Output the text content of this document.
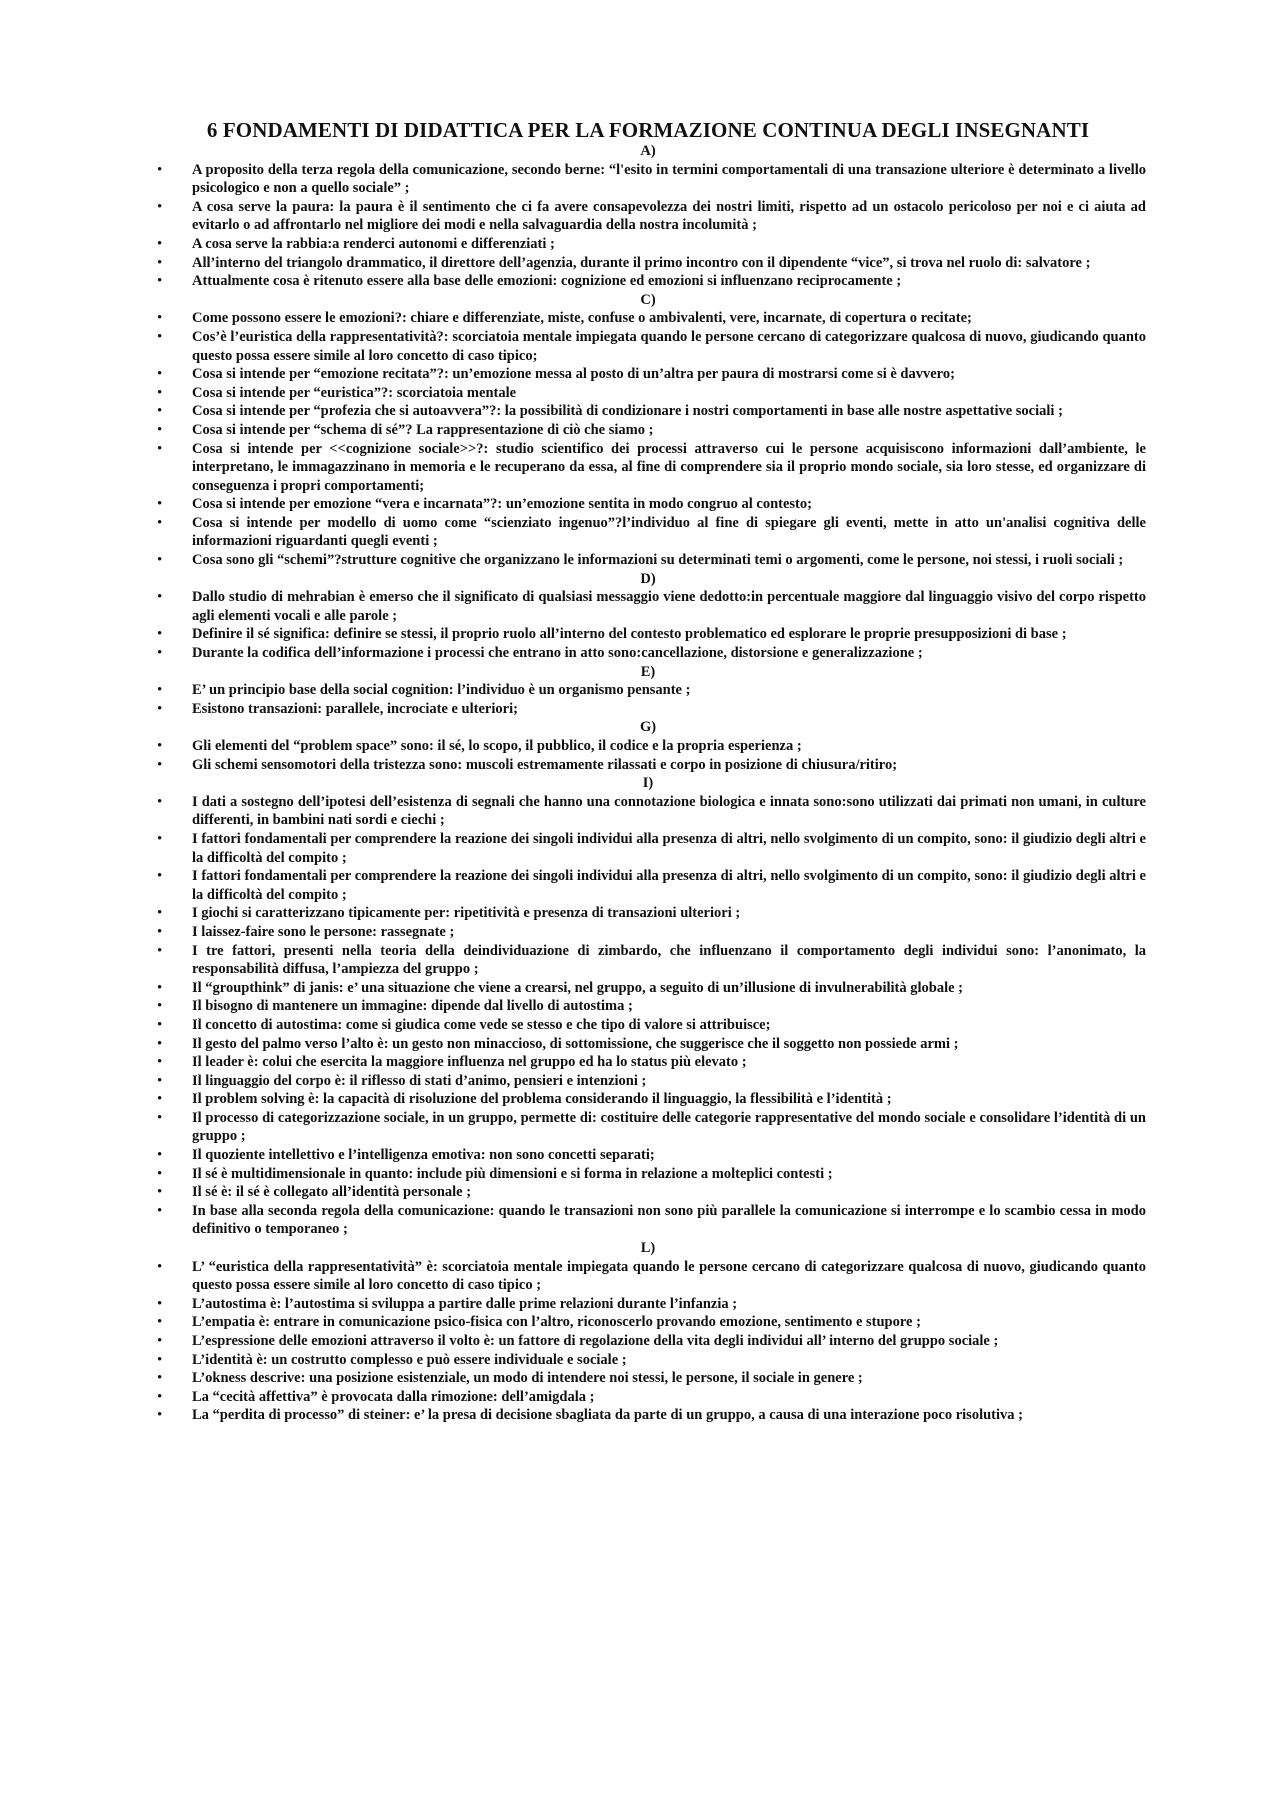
6 FONDAMENTI DI DIDATTICA PER LA FORMAZIONE CONTINUA DEGLI INSEGNANTI
A)
• A proposito della terza regola della comunicazione, secondo berne: “l'esito in termini comportamentali di una transazione ulteriore è determinato a livello psicologico e non a quello sociale” ;
• A cosa serve la paura: la paura è il sentimento che ci fa avere consapevolezza dei nostri limiti, rispetto ad un ostacolo pericoloso per noi e ci aiuta ad evitarlo o ad affrontarlo nel migliore dei modi e nella salvaguardia della nostra incolumità ;
• A cosa serve la rabbia:a renderci autonomi e differenziati ;
• All’interno del triangolo drammatico, il direttore dell’agenzia, durante il primo incontro con il dipendente “vice”, si trova nel ruolo di: salvatore ;
• Attualmente cosa è ritenuto essere alla base delle emozioni: cognizione ed emozioni si influenzano reciprocamente ;
C)
• Come possono essere le emozioni?: chiare e differenziate, miste, confuse o ambivalenti, vere, incarnate, di copertura o recitate;
• Cos’è l’euristica della rappresentatività?: scorciatoia mentale impiegata quando le persone cercano di categorizzare qualcosa di nuovo, giudicando quanto questo possa essere simile al loro concetto di caso tipico;
• Cosa si intende per “emozione recitata”?: un’emozione messa al posto di un’altra per paura di mostrarsi come si è davvero;
• Cosa si intende per “euristica”?: scorciatoia mentale
• Cosa si intende per “profezia che si autoavvera”?: la possibilità di condizionare i nostri comportamenti in base alle nostre aspettative sociali ;
• Cosa si intende per “schema di sé”? La rappresentazione di ciò che siamo ;
• Cosa si intende per <<cognizione sociale>>?: studio scientifico dei processi attraverso cui le persone acquisiscono informazioni dall’ambiente, le interpretano, le immagazzinano in memoria e le recuperano da essa, al fine di comprendere sia il proprio mondo sociale, sia loro stesse, ed organizzare di conseguenza i propri comportamenti;
• Cosa si intende per emozione “vera e incarnata”?: un’emozione sentita in modo congruo al contesto;
• Cosa si intende per modello di uomo come “scienziato ingenuo”?l’individuo al fine di spiegare gli eventi, mette in atto un'analisi cognitiva delle informazioni riguardanti quegli eventi ;
• Cosa sono gli “schemi”?strutture cognitive che organizzano le informazioni su determinati temi o argomenti, come le persone, noi stessi, i ruoli sociali ;
D)
• Dallo studio di mehrabian è emerso che il significato di qualsiasi messaggio viene dedotto:in percentuale maggiore dal linguaggio visivo del corpo rispetto agli elementi vocali e alle parole ;
• Definire il sé significa: definire se stessi, il proprio ruolo all’interno del contesto problematico ed esplorare le proprie presupposizioni di base ;
• Durante la codifica dell’informazione i processi che entrano in atto sono:cancellazione, distorsione e generalizzazione ;
E)
• E’ un principio base della social cognition: l’individuo è un organismo pensante ;
• Esistono transazioni: parallele, incrociate e ulteriori;
G)
• Gli elementi del “problem space” sono: il sé, lo scopo, il pubblico, il codice e la propria esperienza ;
• Gli schemi sensomotori della tristezza sono: muscoli estremamente rilassati e corpo in posizione di chiusura/ritiro;
I)
• I dati a sostegno dell’ipotesi dell’esistenza di segnali che hanno una connotazione biologica e innata sono:sono utilizzati dai primati non umani, in culture differenti, in bambini nati sordi e ciechi ;
• I fattori fondamentali per comprendere la reazione dei singoli individui alla presenza di altri, nello svolgimento di un compito, sono: il giudizio degli altri e la difficoltà del compito ;
• I fattori fondamentali per comprendere la reazione dei singoli individui alla presenza di altri, nello svolgimento di un compito, sono: il giudizio degli altri e la difficoltà del compito ;
• I giochi si caratterizzano tipicamente per: ripetitività e presenza di transazioni ulteriori ;
• I laissez-faire sono le persone: rassegnate ;
• I tre fattori, presenti nella teoria della deindividuazione di zimbardo, che influenzano il comportamento degli individui sono: l’anonimato, la responsabilità diffusa, l’ampiezza del gruppo ;
• Il “groupthink” di janis: e’ una situazione che viene a crearsi, nel gruppo, a seguito di un’illusione di invulnerabilità globale ;
• Il bisogno di mantenere un immagine: dipende dal livello di autostima ;
• Il concetto di autostima: come si giudica come vede se stesso e che tipo di valore si attribuisce;
• Il gesto del palmo verso l’alto è: un gesto non minaccioso, di sottomissione, che suggerisce che il soggetto non possiede armi ;
• Il leader è: colui che esercita la maggiore influenza nel gruppo ed ha lo status più elevato ;
• Il linguaggio del corpo è: il riflesso di stati d’animo, pensieri e intenzioni ;
• Il problem solving è: la capacità di risoluzione del problema considerando il linguaggio, la flessibilità e l’identità ;
• Il processo di categorizzazione sociale, in un gruppo, permette di: costituire delle categorie rappresentative del mondo sociale e consolidare l’identità di un gruppo ;
• Il quoziente intellettivo e l’intelligenza emotiva: non sono concetti separati;
• Il sé è multidimensionale in quanto: include più dimensioni e si forma in relazione a molteplici contesti ;
• Il sé è: il sé è collegato all’identità personale ;
• In base alla seconda regola della comunicazione: quando le transazioni non sono più parallele la comunicazione si interrompe e lo scambio cessa in modo definitivo o temporaneo ;
L)
• L’ “euristica della rappresentatività” è: scorciatoia mentale impiegata quando le persone cercano di categorizzare qualcosa di nuovo, giudicando quanto questo possa essere simile al loro concetto di caso tipico ;
• L’autostima è: l’autostima si sviluppa a partire dalle prime relazioni durante l’infanzia ;
• L’empatia è: entrare in comunicazione psico-fisica con l’altro, riconoscerlo provando emozione, sentimento e stupore ;
• L’espressione delle emozioni attraverso il volto è: un fattore di regolazione della vita degli individui all’ interno del gruppo sociale ;
• L’identità è: un costrutto complesso e può essere individuale e sociale ;
• L’okness descrive: una posizione esistenziale, un modo di intendere noi stessi, le persone, il sociale in genere ;
• La “cecità affettiva” è provocata dalla rimozione: dell’amigdala ;
• La “perdita di processo” di steiner: e’ la presa di decisione sbagliata da parte di un gruppo, a causa di una interazione poco risolutiva ;
